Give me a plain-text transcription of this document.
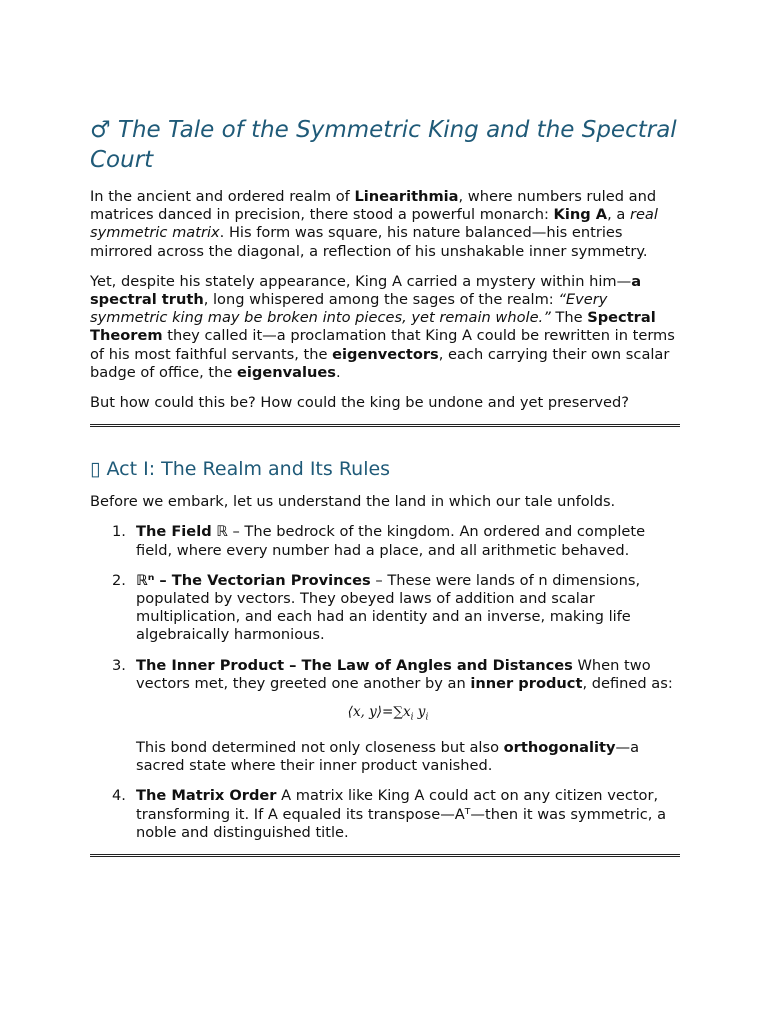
♂ The Tale of the Symmetric King and the Spectral Court

In the ancient and ordered realm of Linearithmia, where numbers ruled and matrices danced in precision, there stood a powerful monarch: King A, a real symmetric matrix. His form was square, his nature balanced—his entries mirrored across the diagonal, a reflection of his unshakable inner symmetry.

Yet, despite his stately appearance, King A carried a mystery within him—a spectral truth, long whispered among the sages of the realm: “Every symmetric king may be broken into pieces, yet remain whole.” The Spectral Theorem they called it—a proclamation that King A could be rewritten in terms of his most faithful servants, the eigenvectors, each carrying their own scalar badge of office, the eigenvalues.

But how could this be? How could the king be undone and yet preserved?

▯ Act I: The Realm and Its Rules

Before we embark, let us understand the land in which our tale unfolds.

1. The Field ℝ – The bedrock of the kingdom. An ordered and complete field, where every number had a place, and all arithmetic behaved.
2. ℝⁿ – The Vectorian Provinces – These were lands of n dimensions, populated by vectors. They obeyed laws of addition and scalar multiplication, and each had an identity and an inverse, making life algebraically harmonious.
3. The Inner Product – The Law of Angles and Distances When two vectors met, they greeted one another by an inner product, defined as:
⟨x, $y⟩=\sum x_i$ $y_i$
This bond determined not only closeness but also orthogonality—a sacred state where their inner product vanished.
4. The Matrix Order A matrix like King A could act on any citizen vector, transforming it. If A equaled its transpose—Aᵀ—then it was symmetric, a noble and distinguished title.
